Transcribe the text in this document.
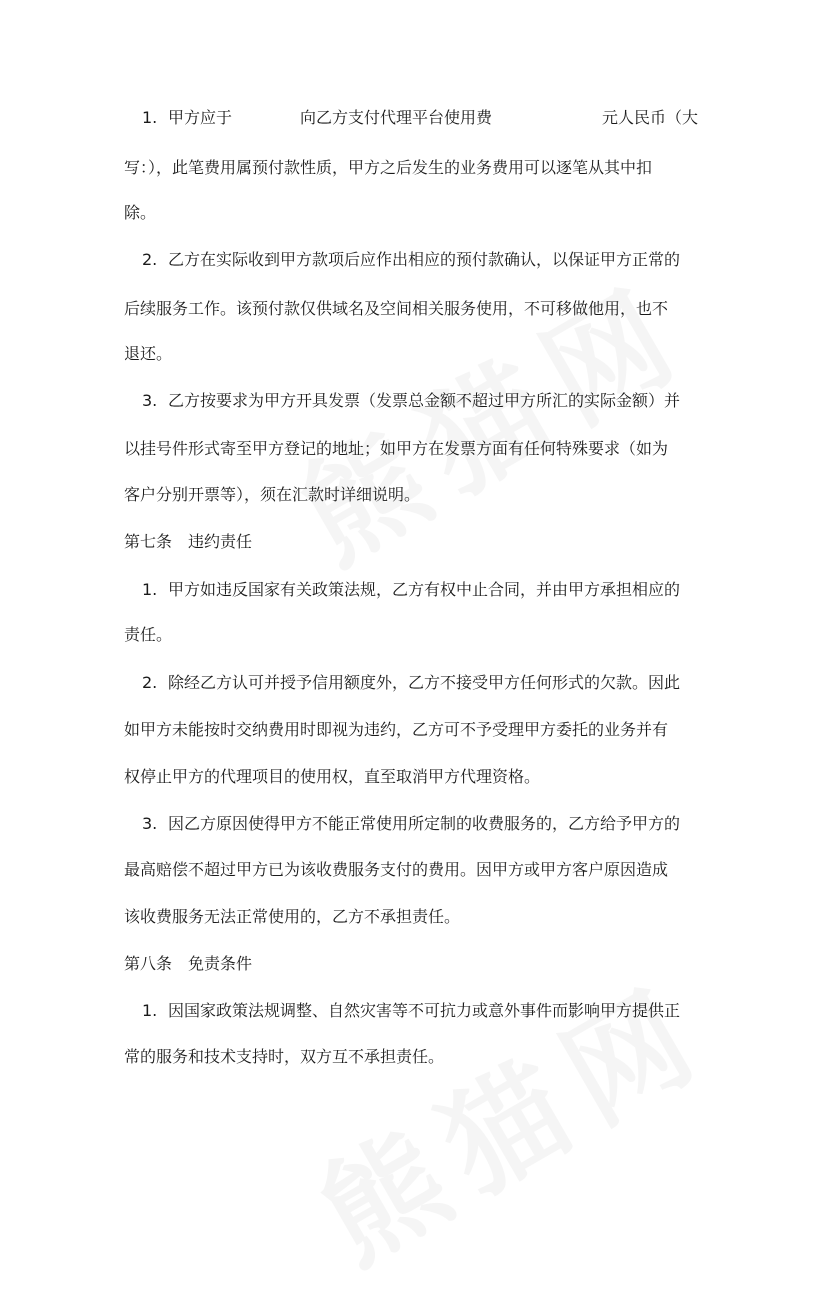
1. 甲方应于	向乙方支付代理平台使用费	元人民币（大
写：），此笔费用属预付款性质，甲方之后发生的业务费用可以逐笔从其中扣
除。
2. 乙方在实际收到甲方款项后应作出相应的预付款确认，以保证甲方正常的
后续服务工作。该预付款仅供域名及空间相关服务使用，不可移做他用，也不
退还。
3. 乙方按要求为甲方开具发票（发票总金额不超过甲方所汇的实际金额）并
以挂号件形式寄至甲方登记的地址；如甲方在发票方面有任何特殊要求（如为
客户分别开票等），须在汇款时详细说明。
第七条　违约责任
1. 甲方如违反国家有关政策法规，乙方有权中止合同，并由甲方承担相应的
责任。
2. 除经乙方认可并授予信用额度外，乙方不接受甲方任何形式的欠款。因此
如甲方未能按时交纳费用时即视为违约，乙方可不予受理甲方委托的业务并有
权停止甲方的代理项目的使用权，直至取消甲方代理资格。
3. 因乙方原因使得甲方不能正常使用所定制的收费服务的，乙方给予甲方的
最高赔偿不超过甲方已为该收费服务支付的费用。因甲方或甲方客户原因造成
该收费服务无法正常使用的，乙方不承担责任。
第八条　免责条件
1. 因国家政策法规调整、自然灾害等不可抗力或意外事件而影响甲方提供正
常的服务和技术支持时，双方互不承担责任。
